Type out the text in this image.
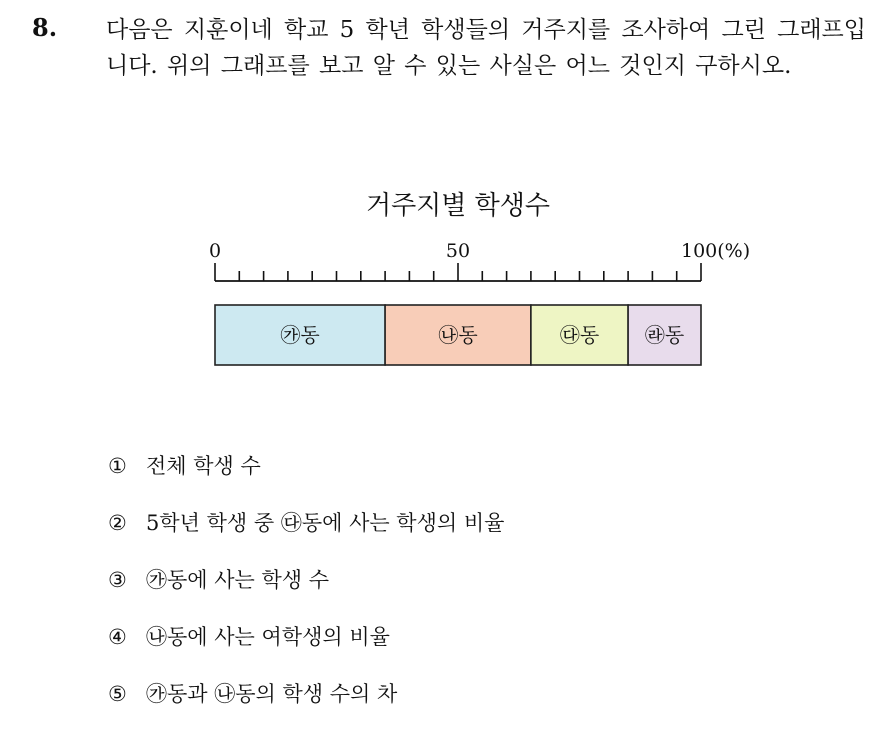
8. 다음은 지훈이네 학교 5 학년 학생들의 거주지를 조사하여 그린 그래프입니다. 위의 그래프를 보고 알 수 있는 사실은 어느 것인지 구하시오.
거주지별 학생수
0	50	100(%)
㉮동	㉯동	㉰동 ㉱동
① 전체 학생 수
② 5학년 학생 중 ㉰동에 사는 학생의 비율
③ ㉮동에 사는 학생 수
④ ㉯동에 사는 여학생의 비율
⑤ ㉮동과 ㉯동의 학생 수의 차
